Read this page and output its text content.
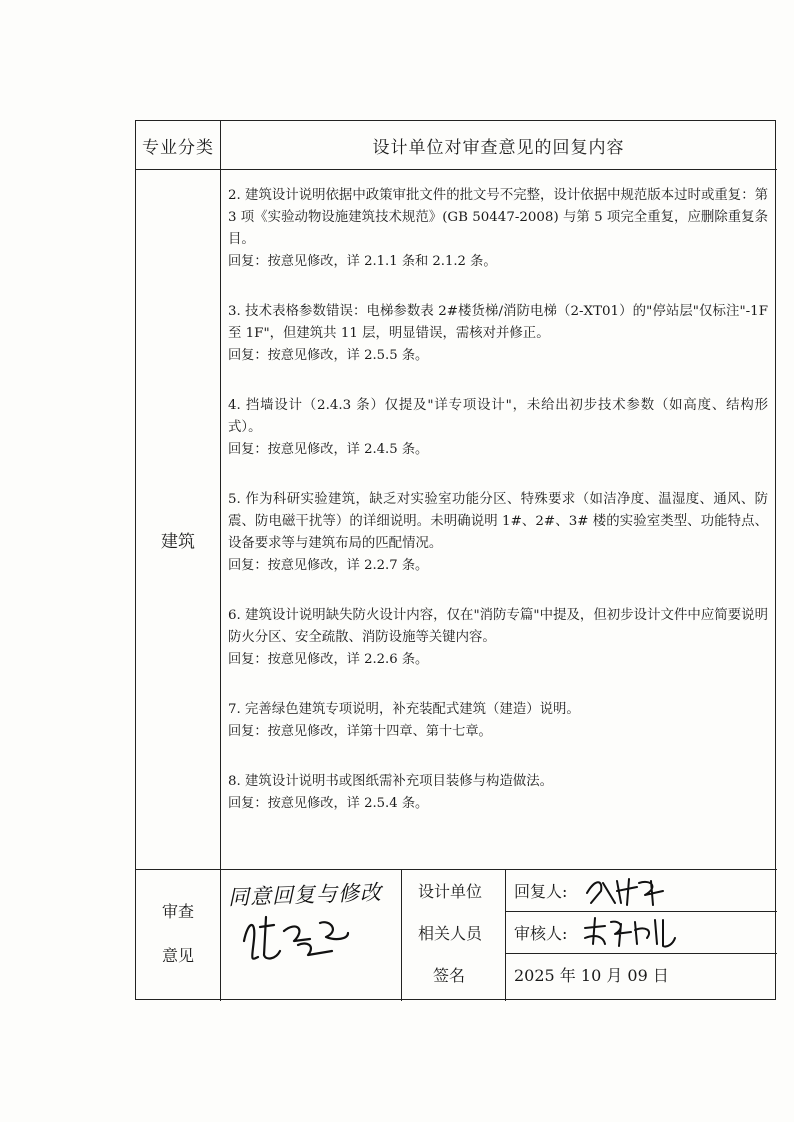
专业分类	设计单位对审查意见的回复内容
建筑
2. 建筑设计说明依据中政策审批文件的批文号不完整，设计依据中规范版本过时或重复：第 3 项《实验动物设施建筑技术规范》(GB 50447-2008) 与第 5 项完全重复，应删除重复条目。
回复：按意见修改，详 2.1.1 条和 2.1.2 条。
3. 技术表格参数错误：电梯参数表 2#楼货梯/消防电梯（2-XT01）的"停站层"仅标注"-1F 至 1F"，但建筑共 11 层，明显错误，需核对并修正。
回复：按意见修改，详 2.5.5 条。
4. 挡墙设计（2.4.3 条）仅提及"详专项设计"，未给出初步技术参数（如高度、结构形式）。
回复：按意见修改，详 2.4.5 条。
5. 作为科研实验建筑，缺乏对实验室功能分区、特殊要求（如洁净度、温湿度、通风、防震、防电磁干扰等）的详细说明。未明确说明 1#、2#、3# 楼的实验室类型、功能特点、设备要求等与建筑布局的匹配情况。
回复：按意见修改，详 2.2.7 条。
6. 建筑设计说明缺失防火设计内容，仅在"消防专篇"中提及，但初步设计文件中应简要说明防火分区、安全疏散、消防设施等关键内容。
回复：按意见修改，详 2.2.6 条。
7. 完善绿色建筑专项说明，补充装配式建筑（建造）说明。
回复：按意见修改，详第十四章、第十七章。
8. 建筑设计说明书或图纸需补充项目装修与构造做法。
回复：按意见修改，详 2.5.4 条。
审查
意见
同意回复与修改 设计单位
相关人员
签名
回复人:
审核人:
2025 年 10 月 09 日
